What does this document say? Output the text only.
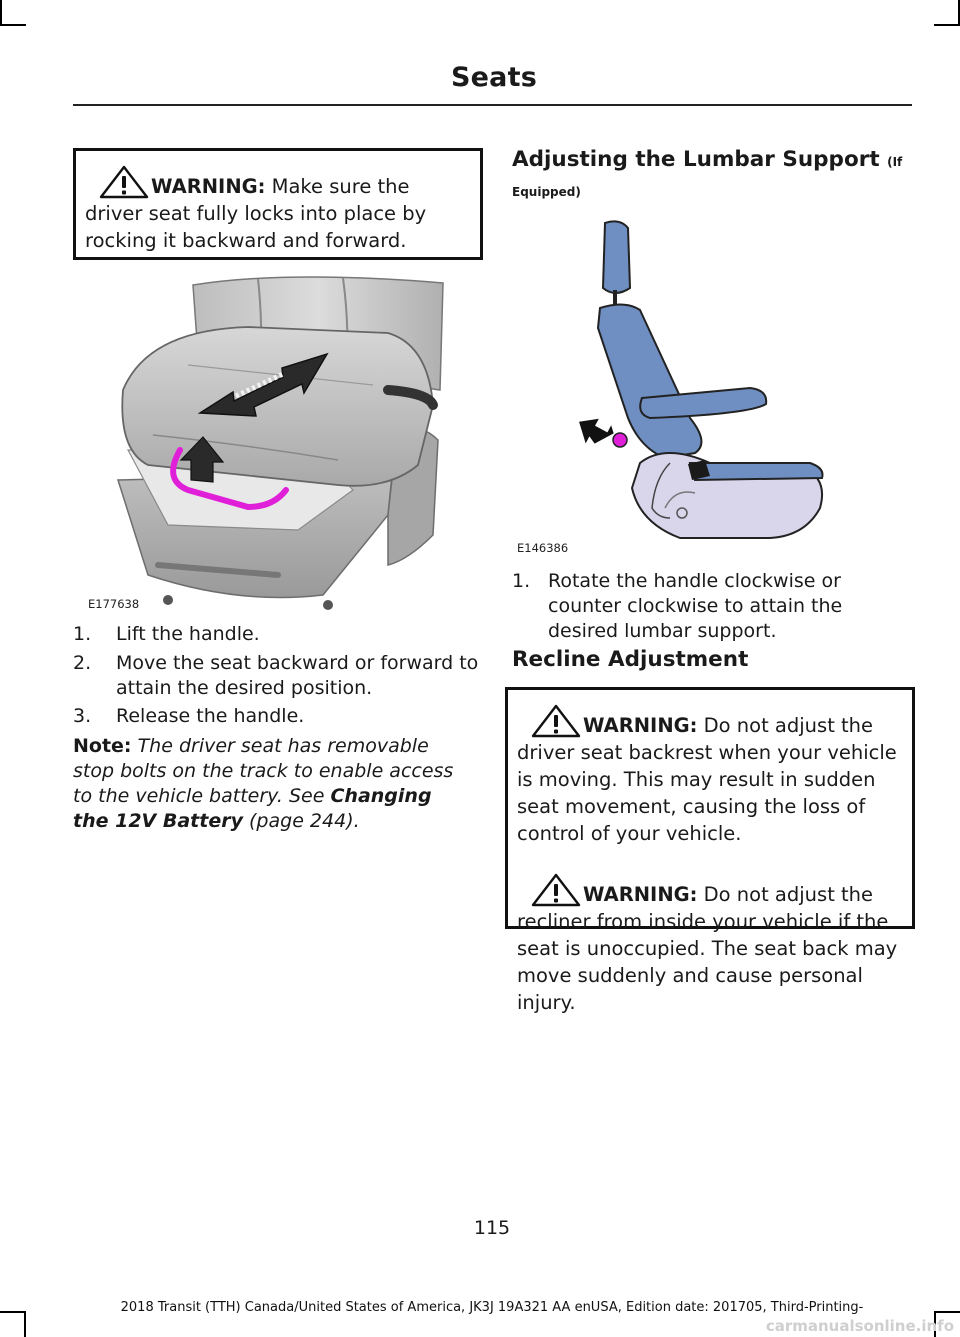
Seats

WARNING: Make sure the driver seat fully locks into place by rocking it backward and forward.

E177638
1. Lift the handle.
2. Move the seat backward or forward to attain the desired position.
3. Release the handle.
Note: The driver seat has removable stop bolts on the track to enable access to the vehicle battery. See Changing the 12V Battery (page 244).
Adjusting the Lumbar Support (If Equipped)
E146386
1. Rotate the handle clockwise or counter clockwise to attain the desired lumbar support.
Recline Adjustment

WARNING: Do not adjust the driver seat backrest when your vehicle is moving. This may result in sudden seat movement, causing the loss of control of your vehicle.

WARNING: Do not adjust the recliner from inside your vehicle if the seat is unoccupied. The seat back may move suddenly and cause personal injury.

115
2018 Transit (TTH) Canada/United States of America, JK3J 19A321 AA enUSA, Edition date: 201705, Third-Printing-
carmanualsonline.info
